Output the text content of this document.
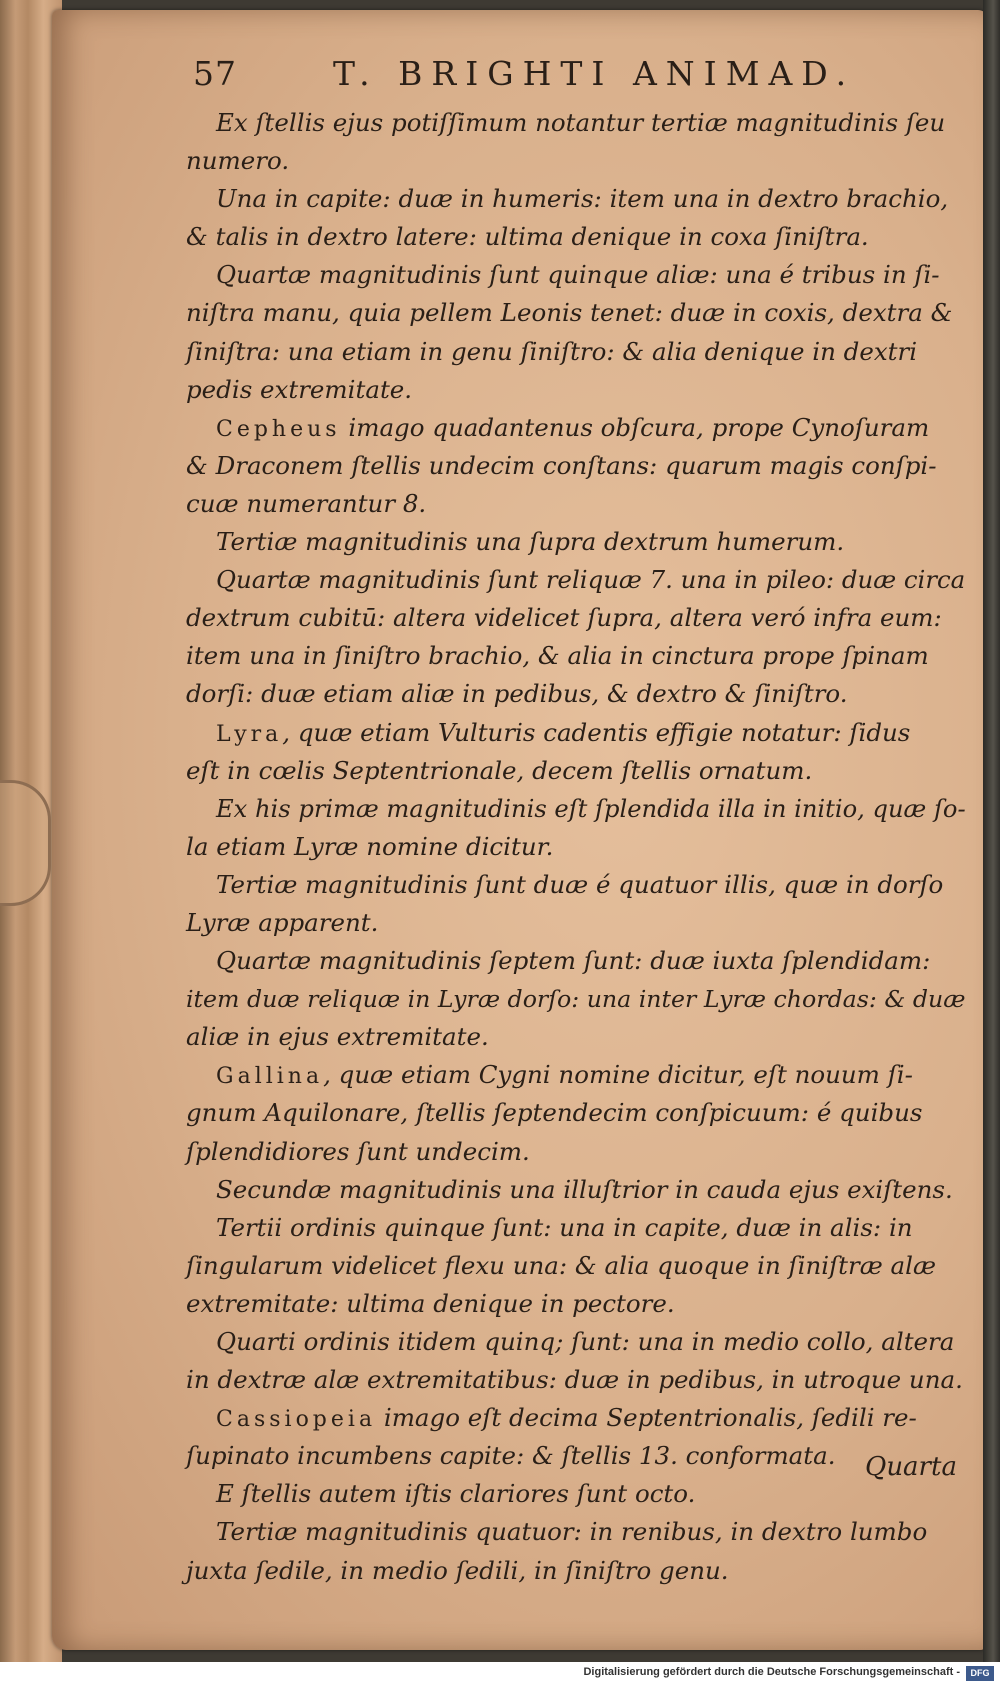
57	T. BRIGHTI ANIMAD.
Ex ſtellis ejus potiſſimum notantur tertiæ magnitudinis ſeu
numero.
Una in capite: duæ in humeris: item una in dextro brachio,
& talis in dextro latere: ultima denique in coxa ſiniſtra.
Quartæ magnitudinis ſunt quinque aliæ: una é tribus in ſi-
niſtra manu, quia pellem Leonis tenet: duæ in coxis, dextra &
ſiniſtra: una etiam in genu ſiniſtro: & alia denique in dextri
pedis extremitate.
Cepheus imago quadantenus obſcura, prope Cynoſuram
& Draconem ſtellis undecim conſtans: quarum magis conſpi-
cuæ numerantur 8.
Tertiæ magnitudinis una ſupra dextrum humerum.
Quartæ magnitudinis ſunt reliquæ 7. una in pileo: duæ circa
dextrum cubitū: altera videlicet ſupra, altera veró infra eum:
item una in ſiniſtro brachio, & alia in cinctura prope ſpinam
dorſi: duæ etiam aliæ in pedibus, & dextro & ſiniſtro.
Lyra, quæ etiam Vulturis cadentis effigie notatur: ſidus
eſt in cœlis Septentrionale, decem ſtellis ornatum.
Ex his primæ magnitudinis eſt ſplendida illa in initio, quæ ſo-
la etiam Lyræ nomine dicitur.
Tertiæ magnitudinis ſunt duæ é quatuor illis, quæ in dorſo
Lyræ apparent.
Quartæ magnitudinis ſeptem ſunt: duæ iuxta ſplendidam:
item duæ reliquæ in Lyræ dorſo: una inter Lyræ chordas: & duæ
aliæ in ejus extremitate.
Gallina, quæ etiam Cygni nomine dicitur, eſt nouum ſi-
gnum Aquilonare, ſtellis ſeptendecim conſpicuum: é quibus
ſplendidiores ſunt undecim.
Secundæ magnitudinis una illuſtrior in cauda ejus exiſtens.
Tertii ordinis quinque ſunt: una in capite, duæ in alis: in
ſingularum videlicet flexu una: & alia quoque in ſiniſtræ alæ
extremitate: ultima denique in pectore.
Quarti ordinis itidem quinq; ſunt: una in medio collo, altera
in dextræ alæ extremitatibus: duæ in pedibus, in utroque una.
Cassiopeia imago eſt decima Septentrionalis, ſedili re-
ſupinato incumbens capite: & ſtellis 13. conformata.
E ſtellis autem iſtis clariores ſunt octo.
Tertiæ magnitudinis quatuor: in renibus, in dextro lumbo
juxta ſedile, in medio ſedili, in ſiniſtro genu.
Quarta
Digitalisierung gefördert durch die Deutsche Forschungsgemeinschaft -	DFG
